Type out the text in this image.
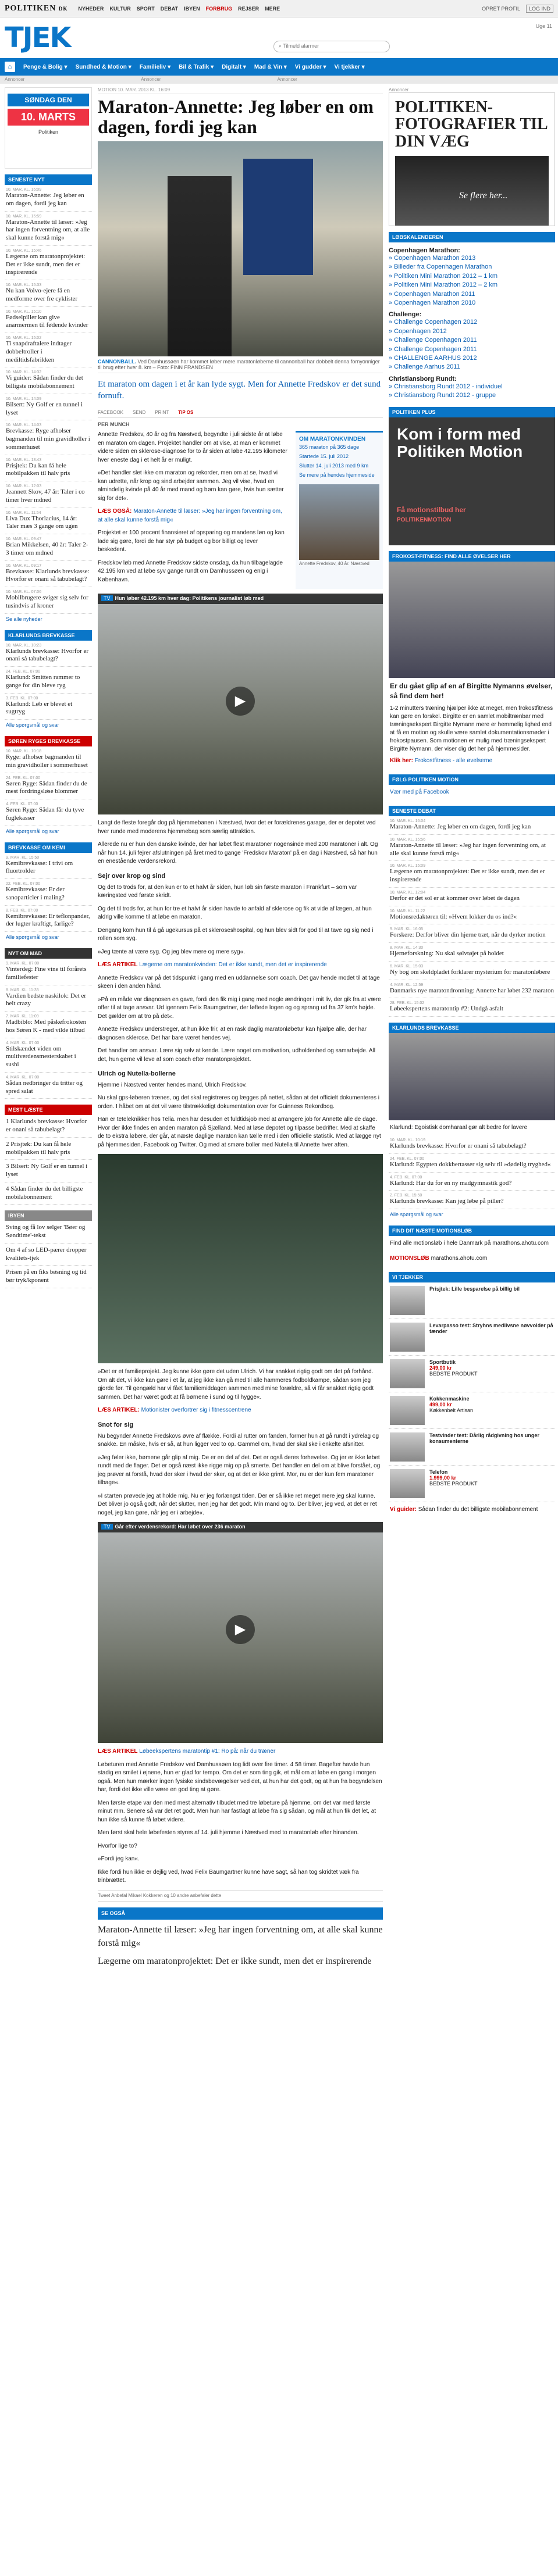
POLITIKEN DK NYHEDER KULTUR SPORT DEBAT IBYEN FORBRUG REJSER MERE	OPRET PROFIL	LOG IND
TJEK	⌕ Tilmeld alarmer
Uge 11
⌂	Penge & Bolig ▾ Sundhed & Motion ▾ Familieliv ▾ Bil & Trafik ▾ Digitalt ▾ Mad & Vin ▾ Vi gudder ▾ Vi tjekker ▾
Annoncer	Annoncer	Annoncer
SØNDAG DEN
10. MARTS
Politiken
SENESTE NYT
10. MAR. KL. 16:09
Maraton-Annette: Jeg løber en om dagen, fordi jeg kan
10. MAR. KL. 15:59
Maraton-Annette til læser: »Jeg har ingen forventning om, at alle skal kunne forstå mig«
10. MAR. KL. 15:46
Lægerne om maratonprojektet: Det er ikke sundt, men det er inspirerende
10. MAR. KL. 15:33
Nu kan Volvo-ejere få en medforme over fre cyklister
10. MAR. KL. 15:10
Fødselpiller kan give anarmermen til fødende kvinder
10. MAR. KL. 15:02
Ti snapdraftalere indtager dobbeltroller i mediltidsfabrikken
10. MAR. KL. 14:32
Vi guider: Sådan finder du det billigste mobilabonnement
10. MAR. KL. 14:09
Bilsert: Ny Golf er en tunnel i lyset
10. MAR. KL. 14:03
Brevkasse: Ryge afholser bagmanden til min gravidholler i sommerhuset
10. MAR. KL. 13:43
Prisjtek: Du kan få hele mobilpakken til halv pris
10. MAR. KL. 12:03
Jeannett Skov, 47 år: Taler i co timer hver mdned
10. MAR. KL. 11:54
Liva Dux Thorlacius, 14 år: Taler mæs 3 gange om ugen
10. MAR. KL. 09:47
Brian Mikkelsen, 40 år: Taler 2-3 timer om mdned
10. MAR. KL. 09:17
Brevkasse: Klarlunds brevkasse: Hvorfor er onani så tabubelagt?
10. MAR. KL. 07:06
Mobilbrugere sviger sig selv for tusindvis af kroner
Se alle nyheder
KLARLUNDS BREVKASSE
10. MAR. KL. 10:23
Klarlunds brevkasse: Hvorfor er onani så tabubelagt?
24. FEB. KL. 07:00
Klarlund: Smitten rammer to gange for din bleve ryg
3. FEB. KL. 07:00
Klarlund: Løb er blevet et sugtryg
Alle spørgsmål og svar
SØREN RYGES BREVKASSE
10. MAR. KL. 10:18
Ryge: afholser bagmanden til min gravidholler i sommerhuset
24. FEB. KL. 07:00
Søren Ryge: Sådan finder du de mest fordringsløse blommer
4. FEB. KL. 07:00
Søren Ryge: Sådan får du tyve fuglekasser
Alle spørgsmål og svar
BREVKASSE OM KEMI
9. MAR. KL. 15:50
Kemibrevkasse: I trivi om fluortrolder
22. FEB. KL. 07:00
Kemibrevkasse: Er der sanoparticler i maling?
8. FEB. KL. 07:00
Kemibrevkasse: Er teflonpander, der lugter kraftigt, farlige?
Alle spørgsmål og svar
NYT OM MAD
9. MAR. KL. 07:00
Vinterdeg: Fine vine til forårets familiefester
8. MAR. KL. 11:33
Vardien bedste naskilok: Det er helt crazy
7. MAR. KL. 11:09
Madbiblo: Med påskefrokosten hos Søren K - med vilde tilbud
4. MAR. KL. 07:00
Stilskændet viden om multiverdensmesterskabet i sushi
4. MAR. KL. 07:00
Sådan nedbringer du tritter og spred salat
MEST LÆSTE
1 Klarlunds brevkasse: Hvorfor er onani så tabubelagt?
2 Prisjtek: Du kan få hele mobilpakken til halv pris
3 Bilsert: Ny Golf er en tunnel i lyset
4 Sådan finder du det billigste mobilabonnement
IBYEN
Sving og få lov selger 'Bøer og Søndtime'-tekst
Om 4 af so LED-pærer dropper kvalitets-tjek
Prisen på en fiks bøsning og tid bør tryk/kponent
MOTION 10. MAR. 2013 KL. 16:09
Maraton-Annette: Jeg løber en om dagen, fordi jeg kan
CANNONBALL. Ved Damhussøen har kommet løber mere maratonløberne til cannonball har dobbelt denna fornyonniger til brug efter hver 8. km – Foto: FINN FRANDSEN
Et maraton om dagen i et år kan lyde sygt. Men for Annette Fredskov er det sund fornuft.
FACEBOOK SEND PRINT TIP OS
PER MUNCH

Annette Fredskov, 40 år og fra Næstved, begyndte i juli sidste år at løbe en maraton om dagen. Projektet handler om at vise, at man er kommet videre siden en sklerose-diagnose for to år siden at løbe 42.195 kilometer hver eneste dag i et helt år er muligt.

»Det handler slet ikke om maraton og rekorder, men om at se, hvad vi kan udrette, når krop og sind arbejder sammen. Jeg vil vise, hvad en almindelig kvinde på 40 år med mand og børn kan gøre, hvis hun sætter sig for det«.

LÆS OGSÅ: Maraton-Annette til læser: »Jeg har ingen forventning om, at alle skal kunne forstå mig«

Projektet er 100 procent finansieret af opsparing og mandens løn og kan lade sig gøre, fordi de har styr på budget og bor billigt og lever beskedent.

Fredskov løb med Annette Fredskov sidste onsdag, da hun tilbagelagde 42.195 km ved at løbe syv gange rundt om Damhussøen og enig i København.

OM MARATONKVINDEN
365 maraton på 365 dage
Startede 15. juli 2012
Slutter 14. juli 2013 med 9 km
Se mere på hendes hjemmeside
Annette Fredskov, 40 år. Næstved
TV Hun løber 42.195 km hver dag: Politikens journalist løb med
▶

Langt de fleste foregår dog på hjemmebanen i Næstved, hvor det er forældrenes garage, der er depotet ved hver runde med moderens hjemmebag som særlig attraktion.

Allerede nu er hun den danske kvinde, der har løbet flest maratoner nogensinde med 200 maratoner i alt. Og når hun 14. juli fejrer afslutningen på året med to gange 'Fredskov Maraton' på en dag i Næstved, så har hun en enestående verdensrekord.

Sejr over krop og sind

Og det to trods for, at den kun er to et halvt år siden, hun løb sin første maraton i Frankfurt – som var kæringsted ved første skridt.

Og det til trods for, at hun for tre et halvt år siden havde to anfald af sklerose og fik at vide af lægen, at hun aldrig ville komme til at løbe en maraton.

Dengang kom hun til á gå ugekursus på et skleroseshospital, og hun blev sidt for god til at tave og sig ned i rollen som syg.

»Jeg tænte at være syg. Og jeg blev mere og mere syg«.

LÆS ARTIKEL Lægerne om maratonkvinden: Det er ikke sundt, men det er inspirerende

Annette Fredskov var på det tidspunkt i gang med en uddannelse som coach. Det gav hende modet til at tage skeen i den anden hånd.

»På en måde var diagnosen en gave, fordi den fik mig i gang med nogle ændringer i mit liv, der gik fra at være offer til at tage ansvar. Ud igennem Felix Baumgartner, der løftede logen og og sprang ud fra 37 km's højde. Det gælder om at tro på det«.

Annette Fredskov understreger, at hun ikke frir, at en rask daglig maratonløbetur kan hjælpe alle, der har diagnosen sklerose. Det har bare været hendes vej.

Det handler om ansvar. Lære sig selv at kende. Lære noget om motivation, udholdenhed og samarbejde. All det, hun gerne vil leve af som coach efter maratonprojektet.

Ulrich og Nutella-bollerne

Hjemme i Næstved venter hendes mand, Ulrich Fredskov.

Nu skal gps-løberen trænes, og det skal registreres og lægges på nettet, sådan at det officielt dokumenteres i orden. I håbet om at det vil være tilstrækkeligt dokumentation over for Guinness Rekordbog.

Han er teteleknikker hos Telia. men har desuden et fuldtidsjob med at arrangere job for Annette alle de dage. Hvor der ikke findes en anden maraton på Sjælland. Med at løse depotet og tilpasse bedrifter. Med at skaffe de to ekstra løbere, der går, at næste daglige maraton kan tælle med i den officielle statistik. Med at lægge nyt på hjemmesiden, Facebook og Twitter. Og med at smøre boller med Nutella til Annette hver aften.

»Det er et familieprojekt. Jeg kunne ikke gøre det uden Ulrich. Vi har snakket rigtig godt om det på forhånd. Om alt det, vi ikke kan gøre i et år, at jeg ikke kan gå med til alle hammeres fodboldkampe, sådan som jeg gjorde før. Til gengæld har vi fået familiemiddagen sammen med mine forældre, så vi får snakket rigtig godt sammen. Det har været godt at få børnene i sund og til hygge«.

LÆS ARTIKEL: Motionister overfortrer sig i fitnesscentrene

Snot for sig

Nu begynder Annette Fredskovs øvre af flække. Fordi al rutter om fanden, former hun at gå rundt i ydrelag og snakke. En måske, hvis er så, at hun ligger ved to op. Gammel om, hvad der skal ske i enkelte afsnitter.

»Jeg føler ikke, bømene går glip af mig. De er en del af det. Det er også deres forhevelse. Og jer er ikke løbet rundt med de flager. Det er også næst ikke rigge mig op på smerte. Det handler en del om at blive forstået, og jeg prøver at forstå, hvad der sker i hvad der sker, og at det er ikke grimt. Mor, nu er der kun fem maratoner tilbage«.

»I starten prøvede jeg at holde mig. Nu er jeg forlængst tiden. Der er så ikke ret meget mere jeg skal kunne. Det bliver jo også godt, når det slutter, men jeg har det godt. Min mand og to. Der bliver, jeg ved, at det er ret nogel, jeg kan gøre, når jeg er i arbejde«.

TV Går efter verdensrekord: Har løbet over 236 maraton
▶

LÆS ARTIKEL Løbeekspertens maratontip #1: Ro på: når du træner

Løbeturen med Annette Fredskov ved Damhussøen tog lidt over fire timer. 4 58 timer. Bagefter havde hun stadig en smilet i øjnene, hun er glad for tempo. Om det er som ting gik, et mål om at løbe en gang i morgen også. Men hun mærker ingen fysiske sindsbevægelser ved det, at hun har det godt, og at hun fra begyndelsen har, fordi det ikke ville være en god ting at gøre.

Men første etape var den med mest alternativ tilbudet med tre løbeture på hjemme, om det var med første minut mm. Senere så var det ret godt. Men hun har fastlagt at løbe fra sig sådan, og mål at hun fik det let, at hun ikke så kunne få løbet videre.

Men først skal hele løbefesten styres af 14. juli hjemme i Næstved med to maratonløb efter hinanden.

Hvorfor lige to?

»Fordi jeg kan«.

Ikke fordi hun ikke er dejlig ved, hvad Felix Baumgartner kunne have sagt, så han tog skridtet væk fra trinbrættet.

Tweet Anbefal Mikael Kokkeren og 10 andre anbefaler dette

SE OGSÅ

Maraton-Annette til læser: »Jeg har ingen forventning om, at alle skal kunne forstå mig«

Lægerne om maratonprojektet: Det er ikke sundt, men det er inspirerende

Annoncer
POLITIKEN-FOTOGRAFIER TIL DIN VÆG
Se flere her...
LØBSKALENDEREN
Copenhagen Marathon:
» Copenhagen Marathon 2013
» Billeder fra Copenhagen Marathon
» Politiken Mini Marathon 2012 – 1 km
» Politiken Mini Marathon 2012 – 2 km
» Copenhagen Marathon 2011
» Copenhagen Marathon 2010
Challenge:
» Challenge Copenhagen 2012
» Copenhagen 2012
» Challenge Copenhagen 2011
» Challenge Copenhagen 2011
» CHALLENGE AARHUS 2012
» Challenge Aarhus 2011
Christiansborg Rundt:
» Christiansborg Rundt 2012 - individuel
» Christiansborg Rundt 2012 - gruppe
POLITIKEN PLUS
Kom i form med Politiken Motion
Få motionstilbud her
POLITIKENMOTION
FROKOST-FITNESS: FIND ALLE ØVELSER HER
Er du gået glip af en af Birgitte Nymanns øvelser, så find dem her!

1-2 minutters træning hjælper ikke at meget, men frokostfitness kan gøre en forskel. Birgitte er en samlet mobiltrænbar med træningsekspert Birgitte Nymann mere er hemmelig lighed end at få en motion og skulle være samlet dokumentationsmøder i frokostpausen. Som motionen er mulig med træningsekspert Birgitte Nymann, der viser dig det her på hjemmesider.

Klik her: Frokostfitness - alle øvelserne

FØLG POLITIKEN MOTION
Vær med på Facebook
SENESTE DEBAT
10. MAR. KL. 16:04
Maraton-Annette: Jeg løber en om dagen, fordi jeg kan
10. MAR. KL. 15:56
Maraton-Annette til læser: »Jeg har ingen forventning om, at alle skal kunne forstå mig«
10. MAR. KL. 15:09
Lægerne om maratonprojektet: Det er ikke sundt, men det er inspirerende
10. MAR. KL. 12:04
Derfor er det sol er at kommer over løbet de dagen
10. MAR. KL. 11:22
Motionsredaktøren til: »Hvem lokker du os ind?«
9. MAR. KL. 16:05
Forskere: Derfor bliver din hjerne træt, når du dyrker motion
8. MAR. KL. 14:30
Hjerneforskning: Nu skal sølvtøjet på holdet
6. MAR. KL. 15:03
Ny bog om skeldpladet forklarer mysterium for maratonløbere
4. MAR. KL. 12:59
Danmarks nye maratondronning: Annette har løbet 232 maraton
28. FEB. KL. 15:02
Løbeekspertens maratontip #2: Undgå asfalt
KLARLUNDS BREVKASSE
Klarlund: Egoistisk domharaal gør alt bedre for lavere
10. MAR. KL. 10:19
Klarlunds brevkasse: Hvorfor er onani så tabubelagt?
24. FEB. KL. 07:00
Klarlund: Egypten dokkbertasser sig selv til »dødelig tryghed«
4. FEB. KL. 07:00
Klarlund: Har du for en ny madgymnastik god?
2. FEB. KL. 15:50
Klarlunds brevkasse: Kan jeg løbe på piller?
Alle spørgsmål og svar
FIND DIT NÆSTE MOTIONSLØB
Find alle motionsløb i hele Danmark på marathons.ahotu.com
MOTIONSLØB marathons.ahotu.com
VI TJEKKER
Prisjtek: Lille besparelse på billig bil
Levarpasso test: Stryhns medlivsne nøvvolder på tænder
Sportbutik
249,00 kr
BEDSTE PRODUKT
Kokkenmaskine
499,00 kr
Køkkenbelt Artisan
Testvinder test: Dårlig rådgivning hos unger konsumenterne
Telefon
1.999,00 kr
BEDSTE PRODUKT
Vi guider: Sådan finder du det billigste mobilabonnement
